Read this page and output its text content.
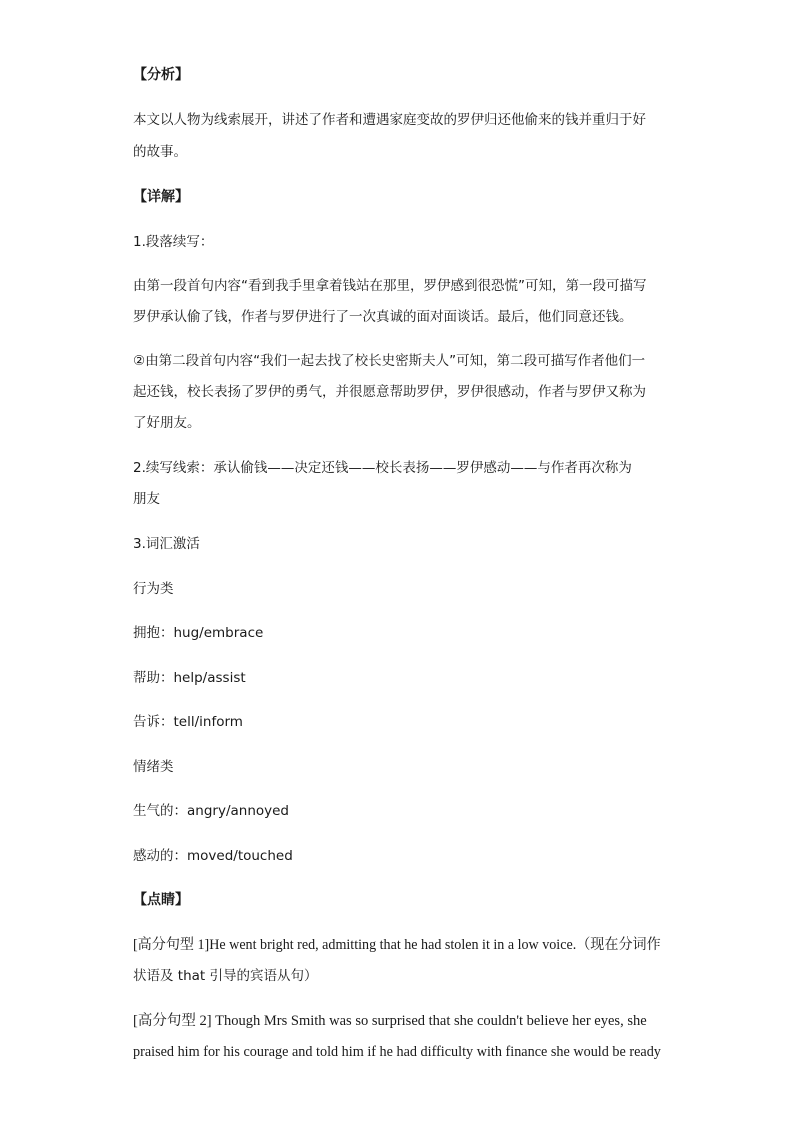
【分析】
本文以人物为线索展开，讲述了作者和遭遇家庭变故的罗伊归还他偷来的钱并重归于好
的故事。
【详解】
1.段落续写：
由第一段首句内容“看到我手里拿着钱站在那里，罗伊感到很恐慌”可知，第一段可描写
罗伊承认偷了钱，作者与罗伊进行了一次真诚的面对面谈话。最后，他们同意还钱。
②由第二段首句内容“我们一起去找了校长史密斯夫人”可知，第二段可描写作者他们一
起还钱，校长表扬了罗伊的勇气，并很愿意帮助罗伊，罗伊很感动，作者与罗伊又称为
了好朋友。
2.续写线索：承认偷钱——决定还钱——校长表扬——罗伊感动——与作者再次称为
朋友
3.词汇激活
行为类
拥抱：hug/embrace
帮助：help/assist
告诉：tell/inform
情绪类
生气的：angry/annoyed
感动的：moved/touched
【点睛】
[高分句型 1]He went bright red, admitting that he had stolen it in a low voice.（现在分词作
状语及 that 引导的宾语从句）
[高分句型 2] Though Mrs Smith was so surprised that she couldn't believe her eyes, she
praised him for his courage and told him if he had difficulty with finance she would be ready
